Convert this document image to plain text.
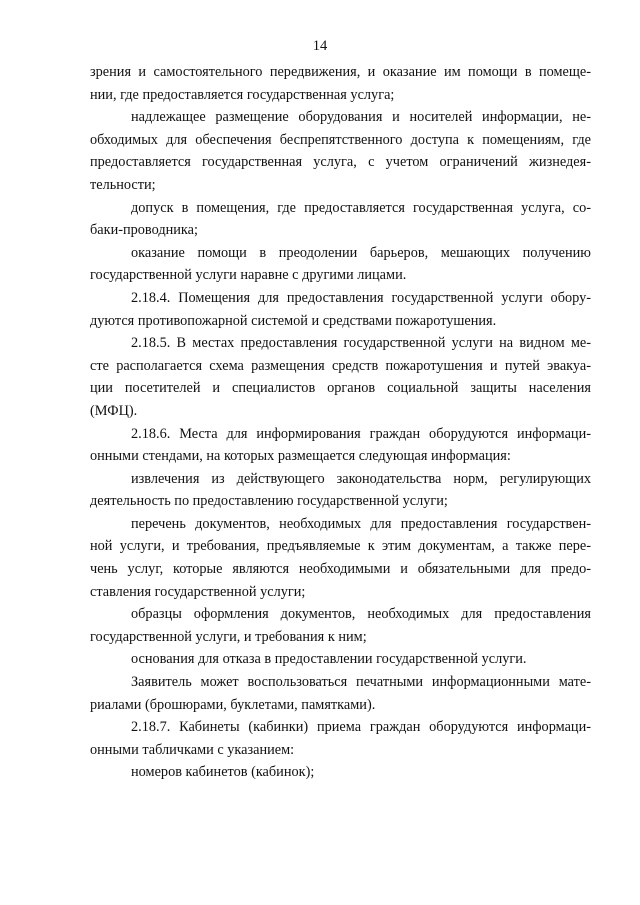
14
зрения и самостоятельного передвижения, и оказание им помощи в помеще-
нии, где предоставляется государственная услуга;
надлежащее размещение оборудования и носителей информации, не-
обходимых для обеспечения беспрепятственного доступа к помещениям, где
предоставляется государственная услуга, с учетом ограничений жизнедея-
тельности;
допуск в помещения, где предоставляется государственная услуга, со-
баки-проводника;
оказание помощи в преодолении барьеров, мешающих получению
государственной услуги наравне с другими лицами.
2.18.4. Помещения для предоставления государственной услуги обору-
дуются противопожарной системой и средствами пожаротушения.
2.18.5. В местах предоставления государственной услуги на видном ме-
сте располагается схема размещения средств пожаротушения и путей эвакуа-
ции посетителей и специалистов органов социальной защиты населения
(МФЦ).
2.18.6. Места для информирования граждан оборудуются информаци-
онными стендами, на которых размещается следующая информация:
извлечения из действующего законодательства норм, регулирующих
деятельность по предоставлению государственной услуги;
перечень документов, необходимых для предоставления государствен-
ной услуги, и требования, предъявляемые к этим документам, а также пере-
чень услуг, которые являются необходимыми и обязательными для предо-
ставления государственной услуги;
образцы оформления документов, необходимых для предоставления
государственной услуги, и требования к ним;
основания для отказа в предоставлении государственной услуги.
Заявитель может воспользоваться печатными информационными мате-
риалами (брошюрами, буклетами, памятками).
2.18.7. Кабинеты (кабинки) приема граждан оборудуются информаци-
онными табличками с указанием:
номеров кабинетов (кабинок);
